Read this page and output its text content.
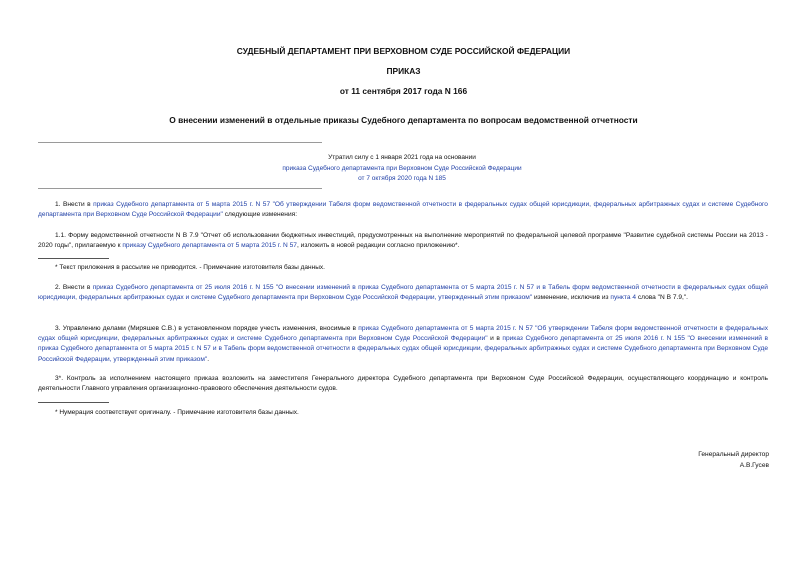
СУДЕБНЫЙ ДЕПАРТАМЕНТ ПРИ ВЕРХОВНОМ СУДЕ РОССИЙСКОЙ ФЕДЕРАЦИИ
ПРИКАЗ
от 11 сентября 2017 года N 166
О внесении изменений в отдельные приказы Судебного департамента по вопросам ведомственной отчетности
Утратил силу с 1 января 2021 года на основании
приказа Судебного департамента при Верховном Суде Российской Федерации
от 7 октября 2020 года N 185
1. Внести в приказ Судебного департамента от 5 марта 2015 г. N 57 "Об утверждении Табеля форм ведомственной отчетности в федеральных судах общей юрисдикции, федеральных арбитражных судах и системе Судебного департамента при Верховном Суде Российской Федерации" следующие изменения:
1.1. Форму ведомственной отчетности N В 7.9 "Отчет об использовании бюджетных инвестиций, предусмотренных на выполнение мероприятий по федеральной целевой программе "Развитие судебной системы России на 2013 - 2020 годы", прилагаемую к приказу Судебного департамента от 5 марта 2015 г. N 57, изложить в новой редакции согласно приложению*.
* Текст приложения в рассылке не приводится. - Примечание изготовителя базы данных.
2. Внести в приказ Судебного департамента от 25 июля 2016 г. N 155 "О внесении изменений в приказ Судебного департамента от 5 марта 2015 г. N 57 и в Табель форм ведомственной отчетности в федеральных судах общей юрисдикции, федеральных арбитражных судах и системе Судебного департамента при Верховном Суде Российской Федерации, утвержденный этим приказом" изменение, исключив из пункта 4 слова "N В 7.9,".
3. Управлению делами (Миряшев С.В.) в установленном порядке учесть изменения, вносимые в приказ Судебного департамента от 5 марта 2015 г. N 57 "Об утверждении Табеля форм ведомственной отчетности в федеральных судах общей юрисдикции, федеральных арбитражных судах и системе Судебного департамента при Верховном Суде Российской Федерации" и в приказ Судебного департамента от 25 июля 2016 г. N 155 "О внесении изменений в приказ Судебного департамента от 5 марта 2015 г. N 57 и в Табель форм ведомственной отчетности в федеральных судах общей юрисдикции, федеральных арбитражных судах и системе Судебного департамента при Верховном Суде Российской Федерации, утвержденный этим приказом".
3*. Контроль за исполнением настоящего приказа возложить на заместителя Генерального директора Судебного департамента при Верховном Суде Российской Федерации, осуществляющего координацию и контроль деятельности Главного управления организационно-правового обеспечения деятельности судов.
* Нумерация соответствует оригиналу. - Примечание изготовителя базы данных.
Генеральный директор
А.В.Гусев
